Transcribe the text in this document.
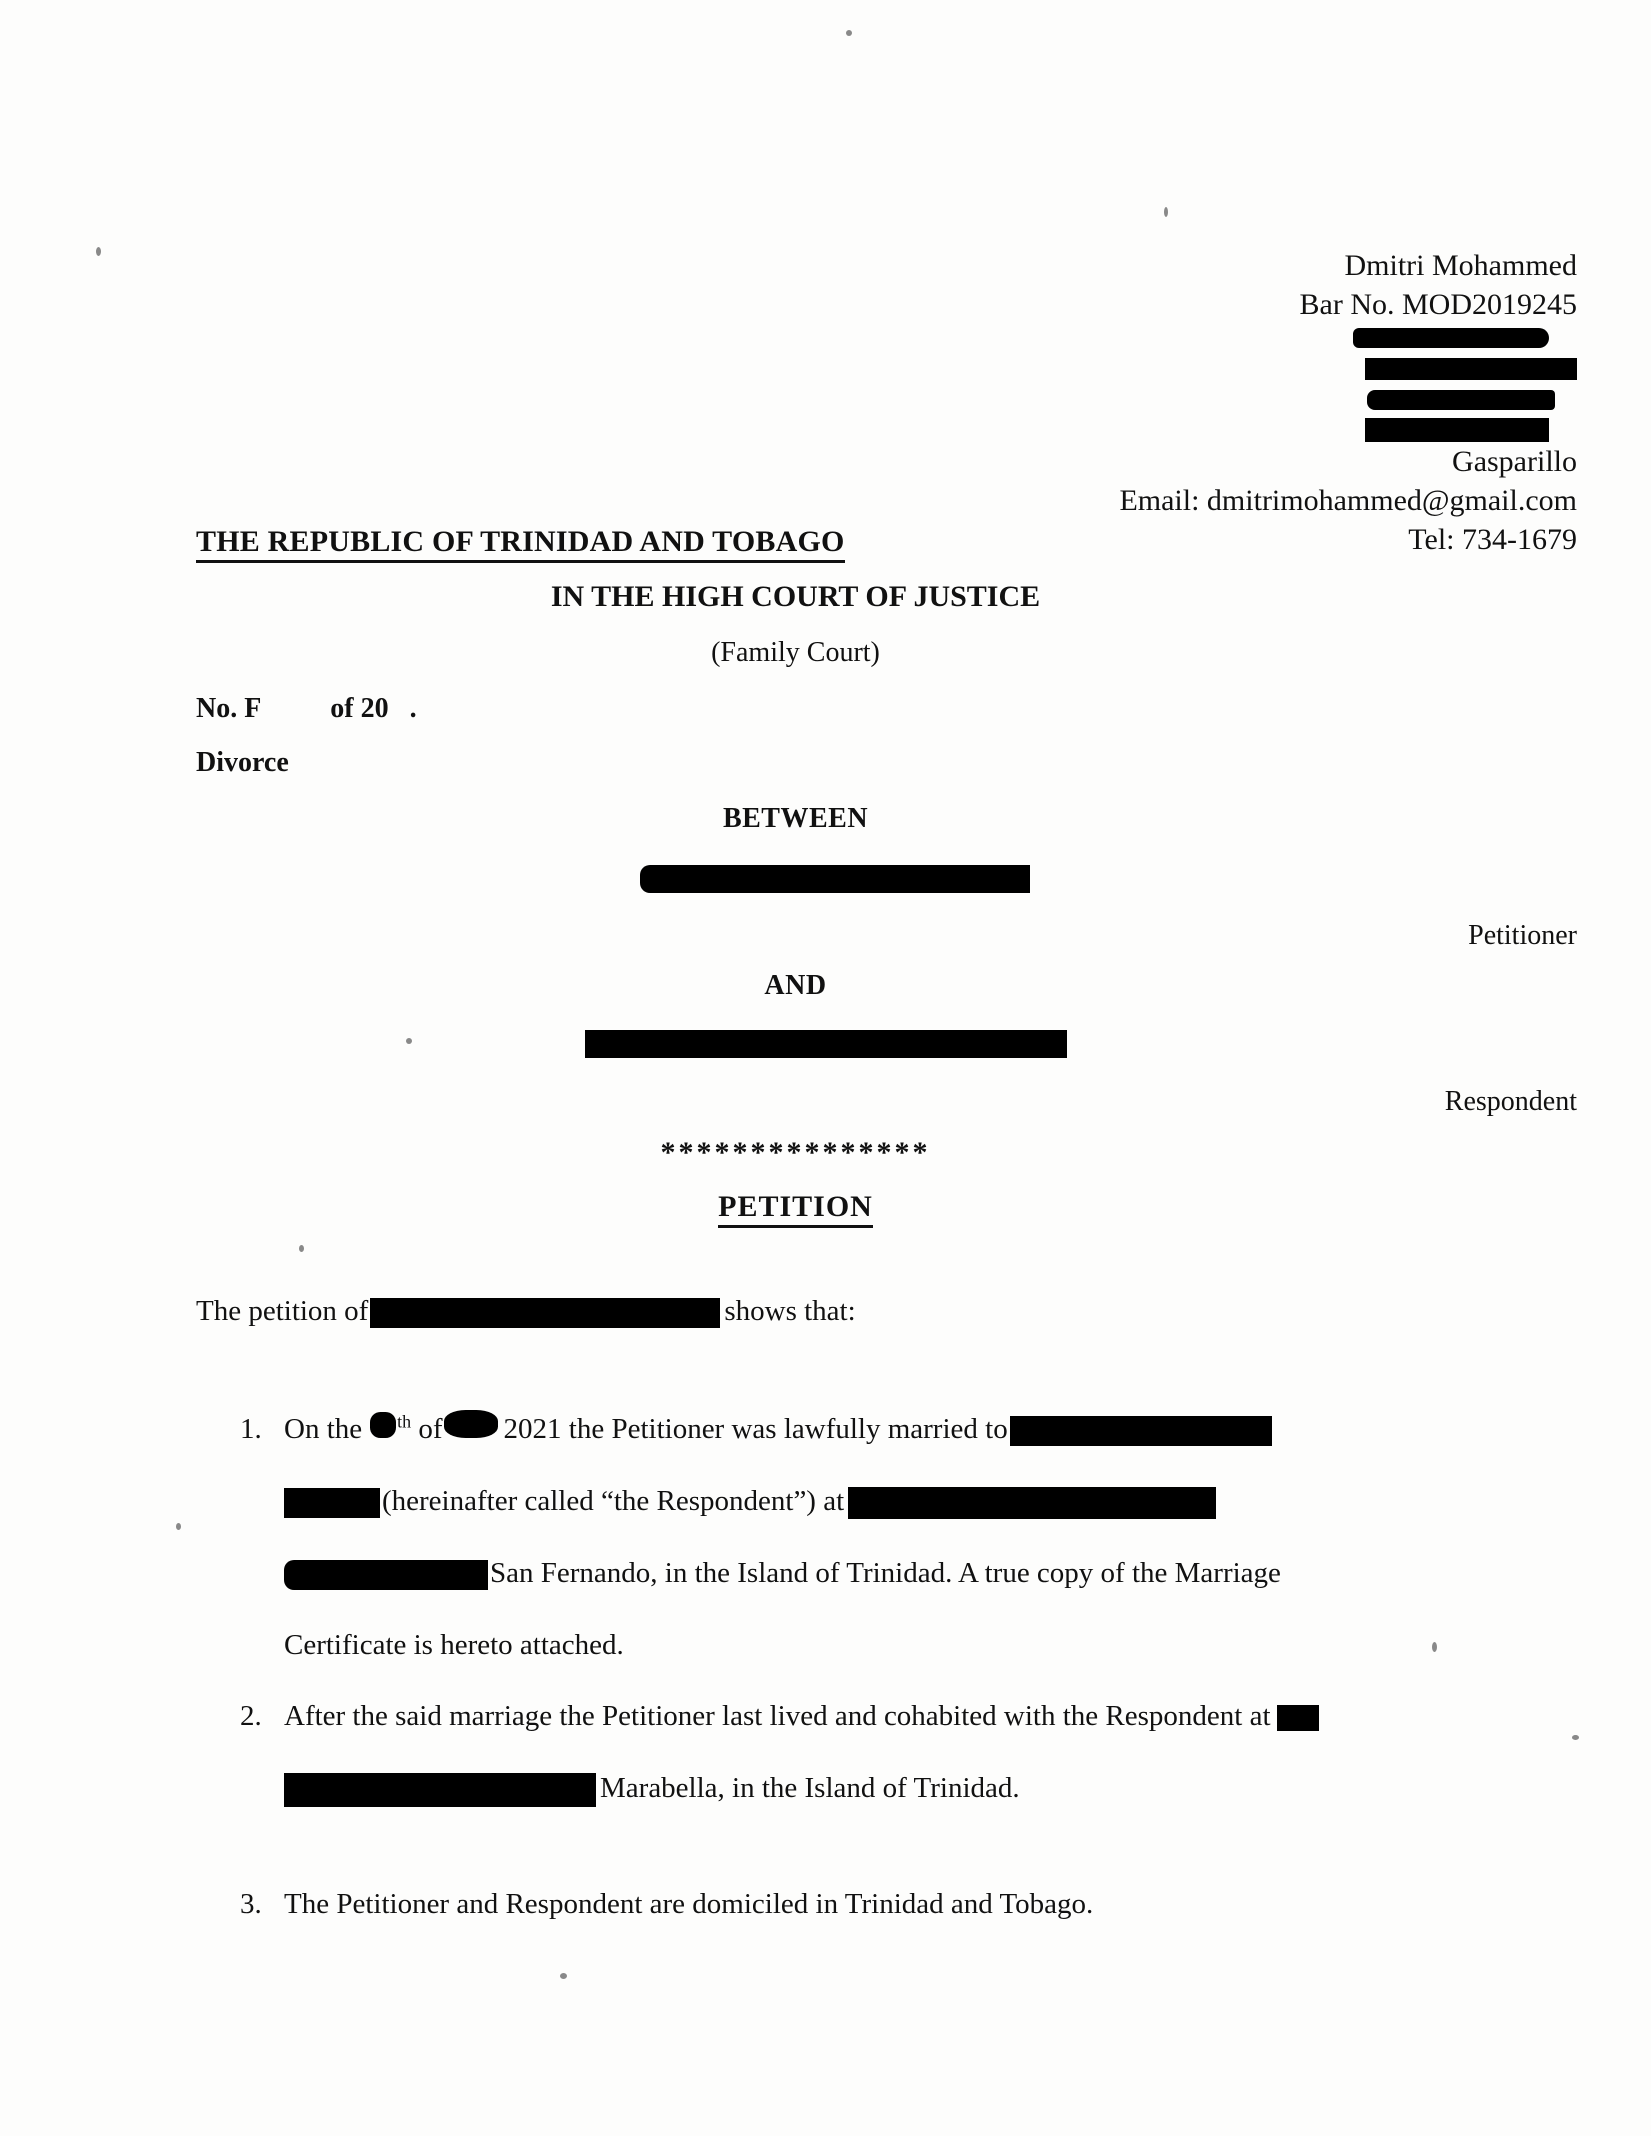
Dmitri Mohammed
Bar No. MOD2019245
Gasparillo
Email: dmitrimohammed@gmail.com
Tel: 734-1679
THE REPUBLIC OF TRINIDAD AND TOBAGO
IN THE HIGH COURT OF JUSTICE
(Family Court)
No. F          of 20   .
Divorce
BETWEEN
Petitioner
AND
Respondent
***************
PETITION
The petition of	shows that:
1. On the $^{th}$ of 2021 the Petitioner was lawfully married to
(hereinafter called “the Respondent”) at
San Fernando, in the Island of Trinidad. A true copy of the Marriage
Certificate is hereto attached.
2. After the said marriage the Petitioner last lived and cohabited with the Respondent at
Marabella, in the Island of Trinidad.
3. The Petitioner and Respondent are domiciled in Trinidad and Tobago.
